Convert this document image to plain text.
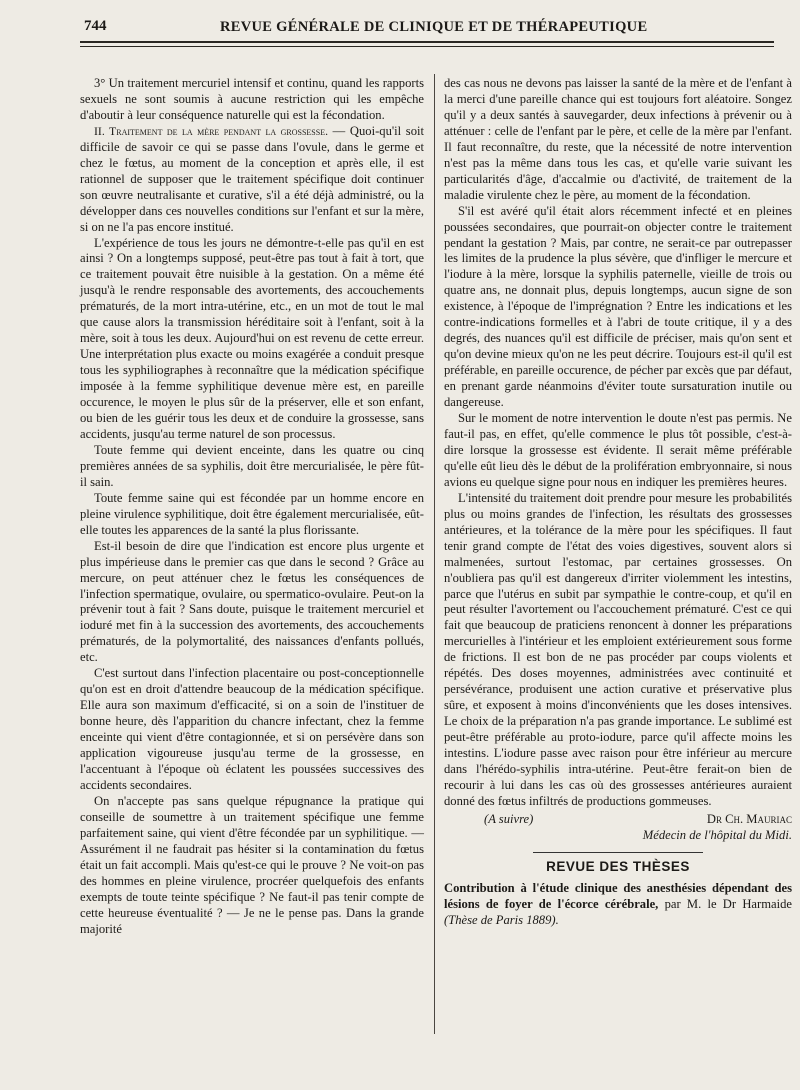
744	REVUE GÉNÉRALE DE CLINIQUE ET DE THÉRAPEUTIQUE

3° Un traitement mercuriel intensif et continu, quand les rapports sexuels ne sont soumis à aucune restriction qui les empêche d'aboutir à leur conséquence naturelle qui est la fécondation.

II. Traitement de la mère pendant la grossesse. — Quoi-qu'il soit difficile de savoir ce qui se passe dans l'ovule, dans le germe et chez le fœtus, au moment de la conception et après elle, il est rationnel de supposer que le traitement spécifique doit continuer son œuvre neutralisante et curative, s'il a été déjà administré, ou la développer dans ces nouvelles conditions sur l'enfant et sur la mère, si on ne l'a pas encore institué.

L'expérience de tous les jours ne démontre-t-elle pas qu'il en est ainsi ? On a longtemps supposé, peut-être pas tout à fait à tort, que ce traitement pouvait être nuisible à la gestation. On a même été jusqu'à le rendre responsable des avortements, des accouchements prématurés, de la mort intra-utérine, etc., en un mot de tout le mal que cause alors la transmission héréditaire soit à l'enfant, soit à la mère, soit à tous les deux. Aujourd'hui on est revenu de cette erreur. Une interprétation plus exacte ou moins exagérée a conduit presque tous les syphiliographes à reconnaître que la médication spécifique imposée à la femme syphilitique devenue mère est, en pareille occurence, le moyen le plus sûr de la préserver, elle et son enfant, ou bien de les guérir tous les deux et de conduire la grossesse, sans accidents, jusqu'au terme naturel de son processus.

Toute femme qui devient enceinte, dans les quatre ou cinq premières années de sa syphilis, doit être mercurialisée, le père fût-il sain.

Toute femme saine qui est fécondée par un homme encore en pleine virulence syphilitique, doit être également mercurialisée, eût-elle toutes les apparences de la santé la plus florissante.

Est-il besoin de dire que l'indication est encore plus urgente et plus impérieuse dans le premier cas que dans le second ? Grâce au mercure, on peut atténuer chez le fœtus les conséquences de l'infection spermatique, ovulaire, ou spermatico-ovulaire. Peut-on la prévenir tout à fait ? Sans doute, puisque le traitement mercuriel et ioduré met fin à la succession des avortements, des accouchements prématurés, de la polymortalité, des naissances d'enfants pollués, etc.

C'est surtout dans l'infection placentaire ou post-conceptionnelle qu'on est en droit d'attendre beaucoup de la médication spécifique. Elle aura son maximum d'efficacité, si on a soin de l'instituer de bonne heure, dès l'apparition du chancre infectant, chez la femme enceinte qui vient d'être contagionnée, et si on persévère dans son application vigoureuse jusqu'au terme de la grossesse, en l'accentuant à l'époque où éclatent les poussées successives des accidents secondaires.

On n'accepte pas sans quelque répugnance la pratique qui conseille de soumettre à un traitement spécifique une femme parfaitement saine, qui vient d'être fécondée par un syphilitique. — Assurément il ne faudrait pas hésiter si la contamination du fœtus était un fait accompli. Mais qu'est-ce qui le prouve ? Ne voit-on pas des hommes en pleine virulence, procréer quelquefois des enfants exempts de toute teinte spécifique ? Ne faut-il pas tenir compte de cette heureuse éventualité ? — Je ne le pense pas. Dans la grande majorité

des cas nous ne devons pas laisser la santé de la mère et de l'enfant à la merci d'une pareille chance qui est toujours fort aléatoire. Songez qu'il y a deux santés à sauvegarder, deux infections à prévenir ou à atténuer : celle de l'enfant par le père, et celle de la mère par l'enfant. Il faut reconnaître, du reste, que la nécessité de notre intervention n'est pas la même dans tous les cas, et qu'elle varie suivant les particularités d'âge, d'accalmie ou d'activité, de traitement de la maladie virulente chez le père, au moment de la fécondation.

S'il est avéré qu'il était alors récemment infecté et en pleines poussées secondaires, que pourrait-on objecter contre le traitement pendant la gestation ? Mais, par contre, ne serait-ce par outrepasser les limites de la prudence la plus sévère, que d'infliger le mercure et l'iodure à la mère, lorsque la syphilis paternelle, vieille de trois ou quatre ans, ne donnait plus, depuis longtemps, aucun signe de son existence, à l'époque de l'imprégnation ? Entre les indications et les contre-indications formelles et à l'abri de toute critique, il y a des degrés, des nuances qu'il est difficile de préciser, mais qu'on sent et qu'on devine mieux qu'on ne les peut décrire. Toujours est-il qu'il est préférable, en pareille occurence, de pécher par excès que par défaut, en prenant garde néanmoins d'éviter toute sursaturation inutile ou dangereuse.

Sur le moment de notre intervention le doute n'est pas permis. Ne faut-il pas, en effet, qu'elle commence le plus tôt possible, c'est-à-dire lorsque la grossesse est évidente. Il serait même préférable qu'elle eût lieu dès le début de la prolifération embryonnaire, si nous avions eu quelque signe pour nous en indiquer les premières heures.

L'intensité du traitement doit prendre pour mesure les probabilités plus ou moins grandes de l'infection, les résultats des grossesses antérieures, et la tolérance de la mère pour les spécifiques. Il faut tenir grand compte de l'état des voies digestives, souvent alors si malmenées, surtout l'estomac, par certaines grossesses. On n'oubliera pas qu'il est dangereux d'irriter violemment les intestins, parce que l'utérus en subit par sympathie le contre-coup, et qu'il en peut résulter l'avortement ou l'accouchement prématuré. C'est ce qui fait que beaucoup de praticiens renoncent à donner les préparations mercurielles à l'intérieur et les emploient extérieurement sous forme de frictions. Il est bon de ne pas procéder par coups violents et répétés. Des doses moyennes, administrées avec continuité et persévérance, produisent une action curative et préservative plus sûre, et exposent à moins d'inconvénients que les doses intensives. Le choix de la préparation n'a pas grande importance. Le sublimé est peut-être préférable au proto-iodure, parce qu'il affecte moins les intestins. L'iodure passe avec raison pour être inférieur au mercure dans l'hérédo-syphilis intra-utérine. Peut-être ferait-on bien de recourir à lui dans les cas où des grossesses antérieures auraient donné des fœtus infiltrés de productions gommeuses.

(A suivre)	Dr Ch. Mauriac
Médecin de l'hôpital du Midi.
REVUE DES THÈSES

Contribution à l'étude clinique des anesthésies dépendant des lésions de foyer de l'écorce cérébrale, par M. le Dr Harmaide (Thèse de Paris 1889).
